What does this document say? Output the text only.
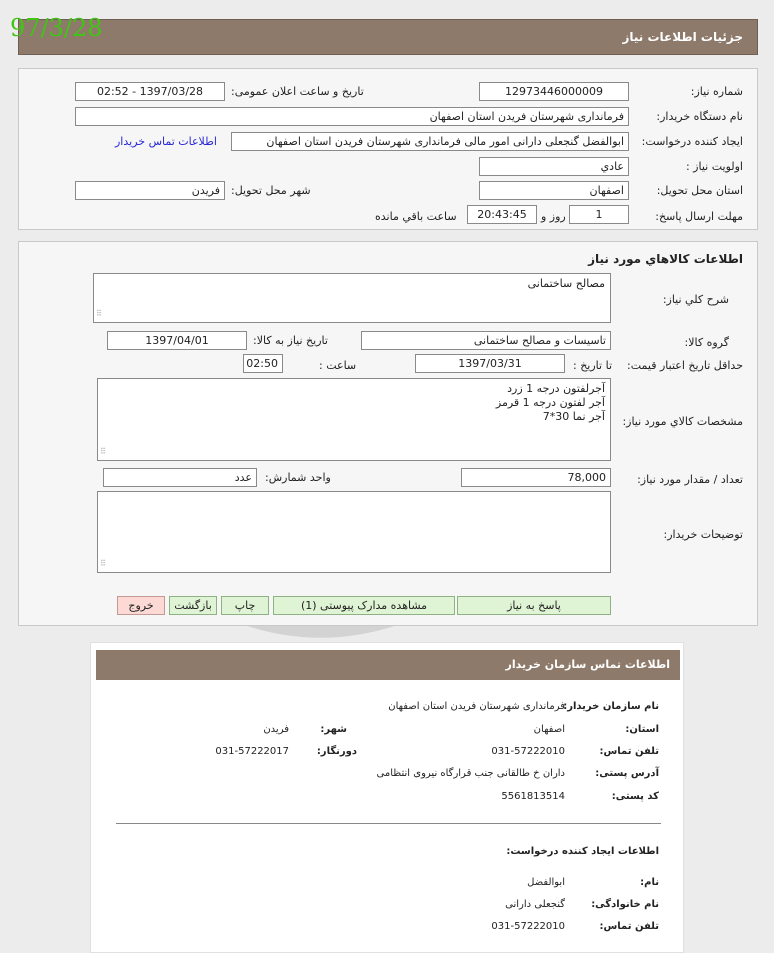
97/3/28	جزئیات اطلاعات نیاز
شماره نیاز:
12973446000009
تاریخ و ساعت اعلان عمومی:
1397/03/28 - 02:52
نام دستگاه خریدار:
فرمانداری شهرستان فریدن استان اصفهان
ایجاد کننده درخواست:
ابوالفضل گنجعلی دارانی امور مالی فرمانداری شهرستان فریدن استان اصفهان
اطلاعات تماس خریدار
اولویت نیاز :
عادي
استان محل تحویل:
اصفهان
شهر محل تحویل:
فریدن
مهلت ارسال پاسخ:
1
روز و
20:43:45
ساعت باقي مانده
اطلاعات كالاهاي مورد نیاز
شرح كلي نیاز:
مصالح ساختمانی
⠿
گروه كالا:
تاسیسات و مصالح ساختمانی
تاریخ نیاز به كالا:
1397/04/01
حداقل تاریخ اعتبار قیمت:
تا تاریخ :
1397/03/31
ساعت :
02:50
مشخصات كالاي مورد نیاز:
آجرلفتون درجه 1 زرد
آجر لفتون درجه 1 قرمز
آجر نما 30*7
⠿
تعداد / مقدار مورد نیاز:
78,000
واحد شمارش:
عدد
توضیحات خریدار:
⠿
پاسخ به نیاز
مشاهده مدارک پیوستی (1)
چاپ
بازگشت
خروج
اطلاعات تماس سازمان خریدار
نام سازمان خریدار:
فرمانداری شهرستان فریدن استان اصفهان
استان:
اصفهان
شهر:
فریدن
تلفن تماس:
031-57222010
دورنگار:
031-57222017
آدرس پستی:
داران خ طالقانی جنب قرارگاه نیروی انتظامی
کد پستی:
5561813514
اطلاعات ایجاد کننده درخواست:
نام:
ابوالفضل
نام خانوادگی:
گنجعلی دارانی
تلفن تماس:
031-57222010
